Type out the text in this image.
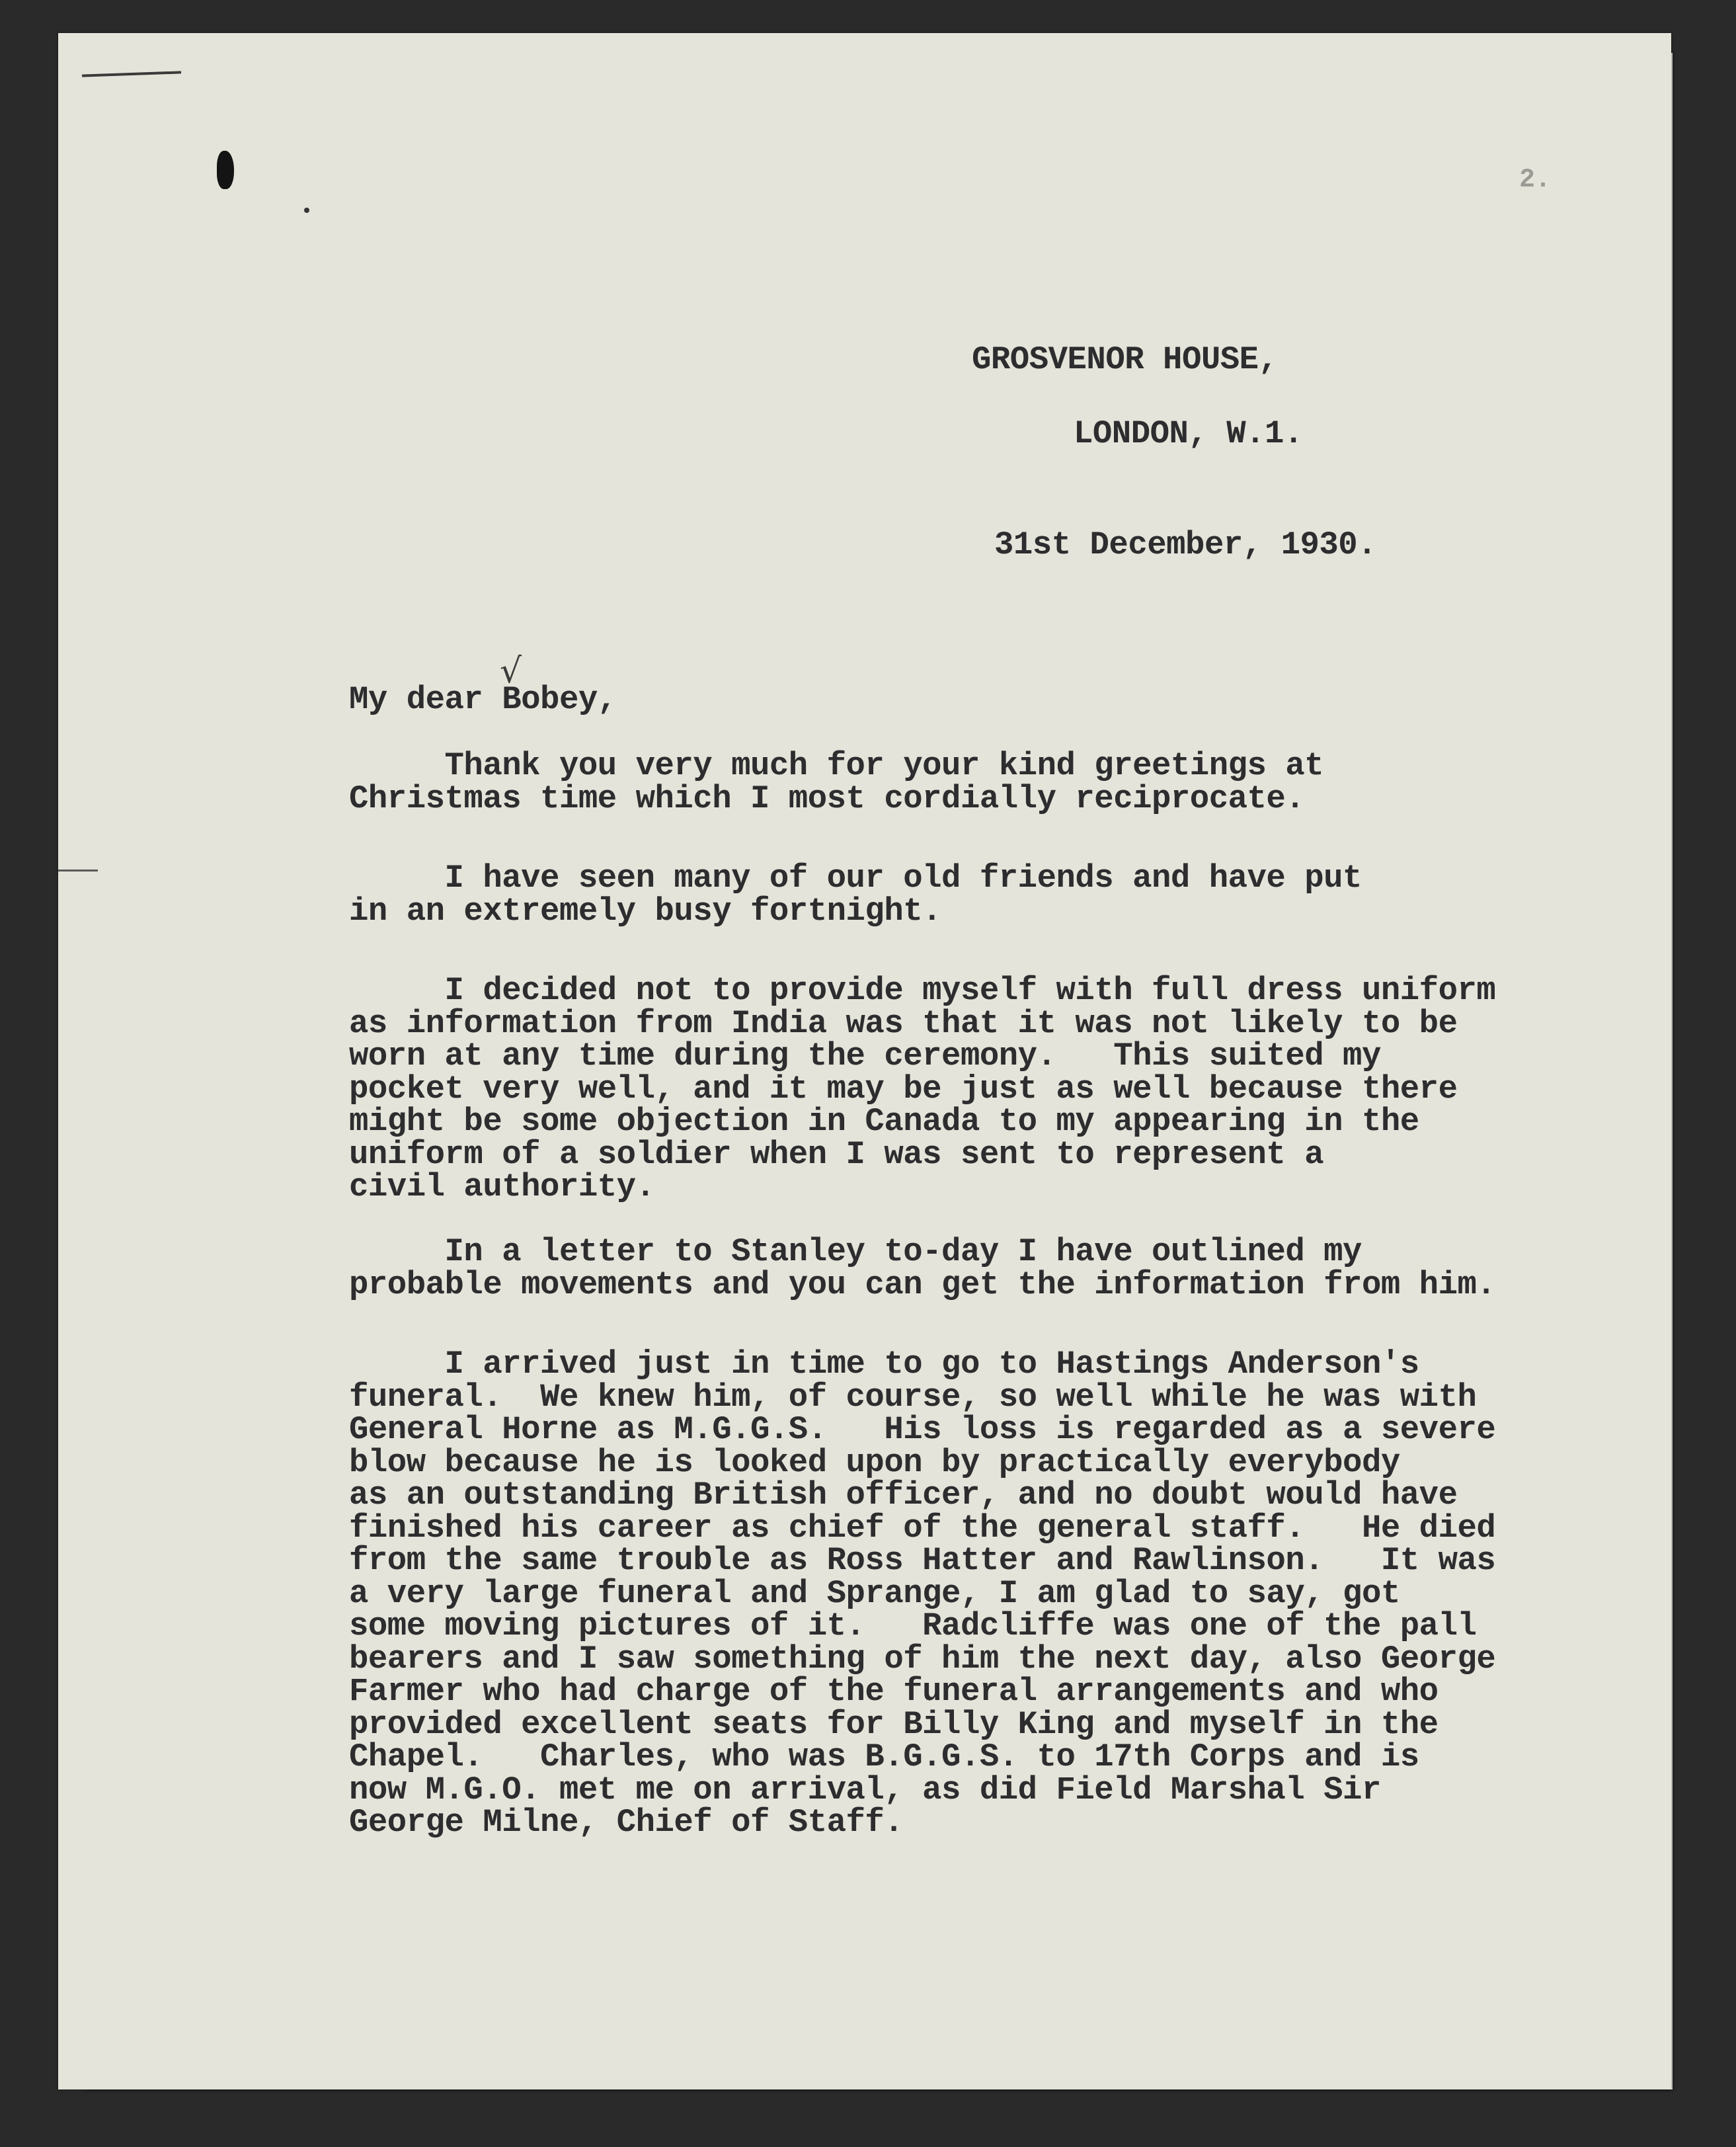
2.
GROSVENOR HOUSE,
LONDON, W.1.
31st December, 1930.
My dear Bobey,
√
Thank you very much for your kind greetings at
Christmas time which I most cordially reciprocate.
I have seen many of our old friends and have put
in an extremely busy fortnight.
I decided not to provide myself with full dress uniform
as information from India was that it was not likely to be
worn at any time during the ceremony.   This suited my
pocket very well, and it may be just as well because there
might be some objection in Canada to my appearing in the
uniform of a soldier when I was sent to represent a
civil authority.
In a letter to Stanley to-day I have outlined my
probable movements and you can get the information from him.
I arrived just in time to go to Hastings Anderson's
funeral.  We knew him, of course, so well while he was with
General Horne as M.G.G.S.   His loss is regarded as a severe
blow because he is looked upon by practically everybody
as an outstanding British officer, and no doubt would have
finished his career as chief of the general staff.   He died
from the same trouble as Ross Hatter and Rawlinson.   It was
a very large funeral and Sprange, I am glad to say, got
some moving pictures of it.   Radcliffe was one of the pall
bearers and I saw something of him the next day, also George
Farmer who had charge of the funeral arrangements and who
provided excellent seats for Billy King and myself in the
Chapel.   Charles, who was B.G.G.S. to 17th Corps and is
now M.G.O. met me on arrival, as did Field Marshal Sir
George Milne, Chief of Staff.
